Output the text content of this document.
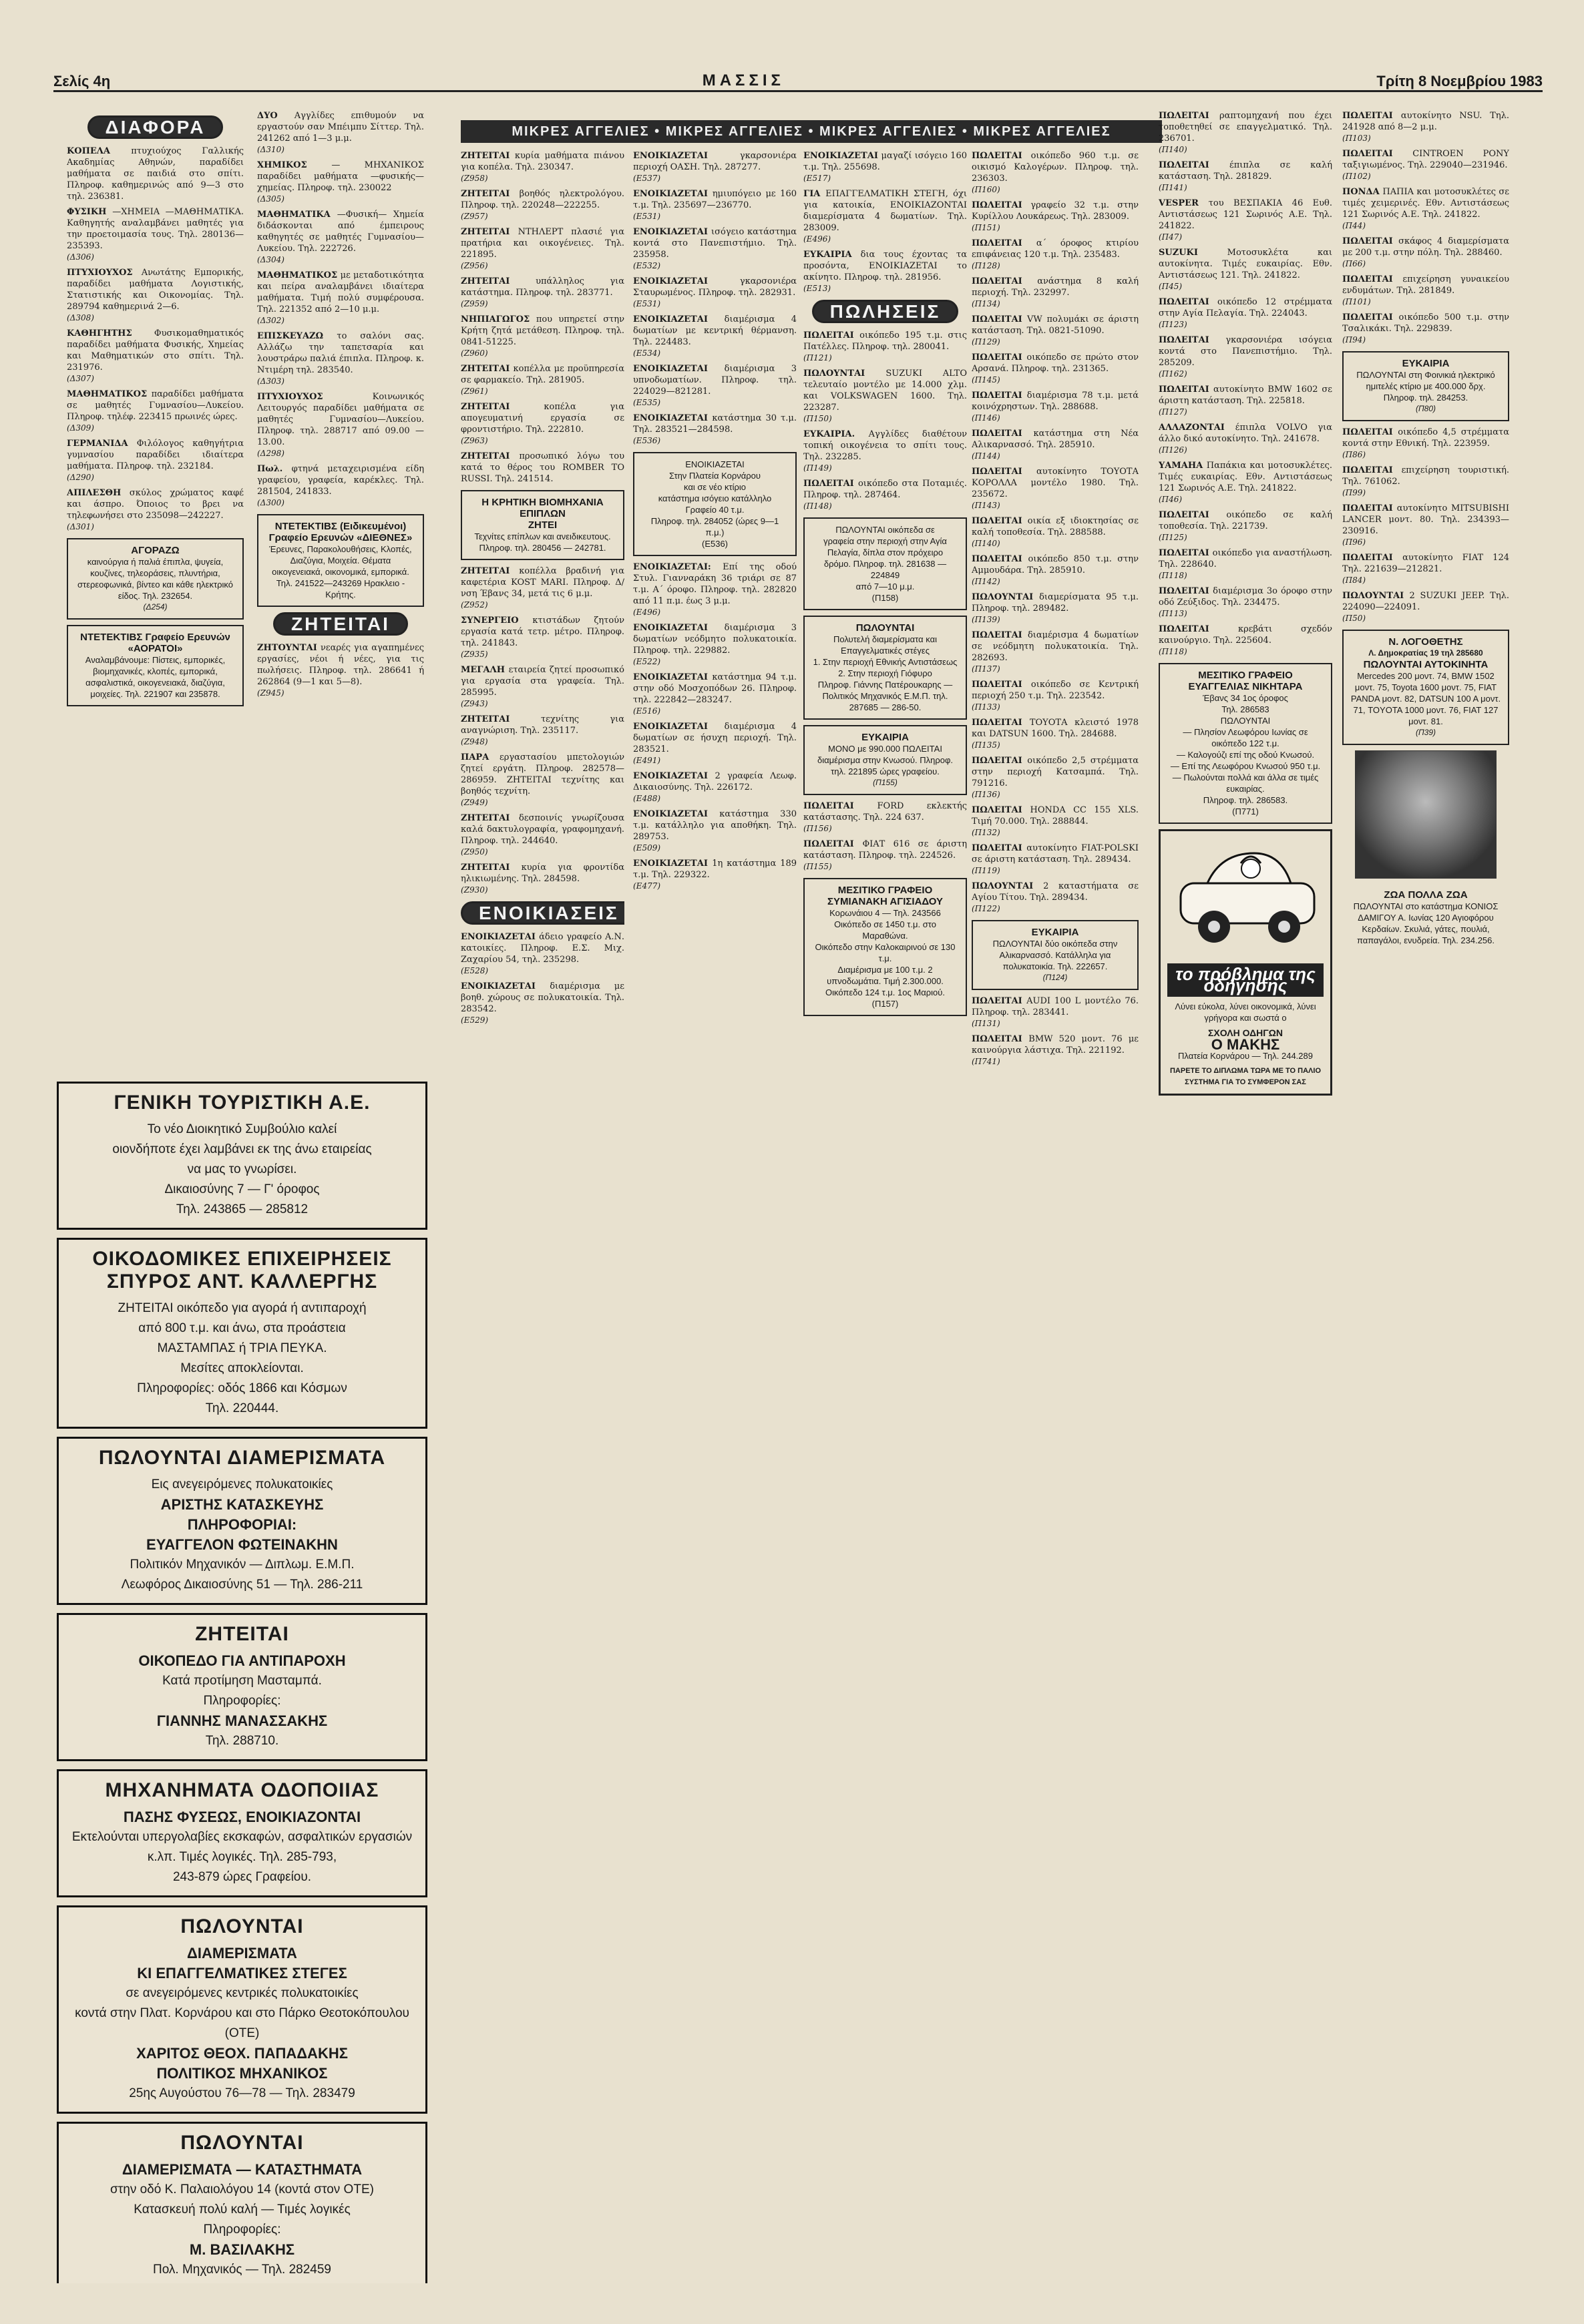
Σελίς 4η	ΜΑΣΣΙΣ	Τρίτη 8 Νοεμβρίου 1983
ΜΙΚΡΕΣ ΑΓΓΕΛΙΕΣ • ΜΙΚΡΕΣ ΑΓΓΕΛΙΕΣ • ΜΙΚΡΕΣ ΑΓΓΕΛΙΕΣ • ΜΙΚΡΕΣ ΑΓΓΕΛΙΕΣ
ΔΙΑΦΟΡΑ

ΚΟΠΕΛΑ πτυχιούχος Γαλλικής Ακαδημίας Αθηνών, παραδίδει μαθήματα σε παιδιά στο σπίτι. Πληροφ. καθημερινώς από 9—3 στο τηλ. 236381.

ΦΥΣΙΚΗ —ΧΗΜΕΙΑ —ΜΑΘΗΜΑΤΙΚΑ. Καθηγητής αναλαμβάνει μαθητές για την προετοιμασία τους. Τηλ. 280136—235393.
(Δ306)

ΠΤΥΧΙΟΥΧΟΣ Ανωτάτης Εμπορικής, παραδίδει μαθήματα Λογιστικής, Στατιστικής και Οικονομίας. Τηλ. 289794 καθημερινά 2—6.
(Δ308)

ΚΑΘΗΓΗΤΗΣ Φυσικομαθηματικός παραδίδει μαθήματα Φυσικής, Χημείας και Μαθηματικών στο σπίτι. Τηλ. 231976.
(Δ307)

ΜΑΘΗΜΑΤΙΚΟΣ παραδίδει μαθήματα σε μαθητές Γυμνασίου—Λυκείου. Πληροφ. τηλέφ. 223415 πρωινές ώρες.
(Δ309)

ΓΕΡΜΑΝΙΔΑ Φιλόλογος καθηγήτρια γυμνασίου παραδίδει ιδιαίτερα μαθήματα. Πληροφ. τηλ. 232184.
(Δ290)

ΑΠΙΛΕΣΘΗ σκύλος χρώματος καφέ και άσπρο. Όποιος το βρει να τηλεφωνήσει στο 235098—242227.
(Δ301)

ΑΓΟΡΑΖΩ
καινούργια ή παλιά έπιπλα, ψυγεία, κουζίνες, τηλεοράσεις, πλυντήρια, στερεοφωνικά, βίντεο και κάθε ηλεκτρικό είδος. Τηλ. 232654.
(Δ254)
ΝΤΕΤΕΚΤΙΒΣ Γραφείο Ερευνών «ΑΟΡΑΤΟΙ»
Αναλαμβάνουμε: Πίστεις, εμπορικές, βιομηχανικές, κλοπές, εμπορικά, ασφαλιστικά, οικογενειακά, διαζύγια, μοιχείες. Τηλ. 221907 και 235878.
ΓΕΝΙΚΗ ΤΟΥΡΙΣΤΙΚΗ Α.Ε.
Το νέο Διοικητικό Συμβούλιο καλεί
οιονδήποτε έχει λαμβάνει εκ της άνω εταιρείας
να μας το γνωρίσει.
Δικαιοσύνης 7 — Γ' όροφος
Τηλ. 243865 — 285812
ΟΙΚΟΔΟΜΙΚΕΣ ΕΠΙΧΕΙΡΗΣΕΙΣ ΣΠΥΡΟΣ ΑΝΤ. ΚΑΛΛΕΡΓΗΣ
ΖΗΤΕΙΤΑΙ οικόπεδο για αγορά ή αντιπαροχή
από 800 τ.μ. και άνω, στα προάστεια
ΜΑΣΤΑΜΠΑΣ ή ΤΡΙΑ ΠΕΥΚΑ.
Μεσίτες αποκλείονται.
Πληροφορίες: οδός 1866 και Κόσμων
Τηλ. 220444.
ΠΩΛΟΥΝΤΑΙ ΔΙΑΜΕΡΙΣΜΑΤΑ
Εις ανεγειρόμενες πολυκατοικίες
ΑΡΙΣΤΗΣ ΚΑΤΑΣΚΕΥΗΣ
ΠΛΗΡΟΦΟΡΙΑΙ:
ΕΥΑΓΓΕΛΟΝ ΦΩΤΕΙΝΑΚΗΝ
Πολιτικόν Μηχανικόν — Διπλωμ. Ε.Μ.Π.
Λεωφόρος Δικαιοσύνης 51 — Τηλ. 286-211
ΖΗΤΕΙΤΑΙ
ΟΙΚΟΠΕΔΟ ΓΙΑ ΑΝΤΙΠΑΡΟΧΗ
Κατά προτίμηση Μασταμπά.
Πληροφορίες:
ΓΙΑΝΝΗΣ ΜΑΝΑΣΣΑΚΗΣ
Τηλ. 288710.
ΜΗΧΑΝΗΜΑΤΑ ΟΔΟΠΟΙΙΑΣ
ΠΑΣΗΣ ΦΥΣΕΩΣ, ΕΝΟΙΚΙΑΖΟΝΤΑΙ
Εκτελούνται υπεργολαβίες εκσκαφών, ασφαλτικών εργασιών κ.λπ. Τιμές λογικές. Τηλ. 285-793,
243-879 ώρες Γραφείου.
ΠΩΛΟΥΝΤΑΙ
ΔΙΑΜΕΡΙΣΜΑΤΑ
ΚΙ ΕΠΑΓΓΕΛΜΑΤΙΚΕΣ ΣΤΕΓΕΣ
σε ανεγειρόμενες κεντρικές πολυκατοικίες
κοντά στην Πλατ. Κορνάρου και στο Πάρκο Θεοτοκόπουλου (ΟΤΕ)
ΧΑΡΙΤΟΣ ΘΕΟΧ. ΠΑΠΑΔΑΚΗΣ
ΠΟΛΙΤΙΚΟΣ ΜΗΧΑΝΙΚΟΣ
25ης Αυγούστου 76—78 — Τηλ. 283479
ΠΩΛΟΥΝΤΑΙ
ΔΙΑΜΕΡΙΣΜΑΤΑ — ΚΑΤΑΣΤΗΜΑΤΑ
στην οδό Κ. Παλαιολόγου 14 (κοντά στον ΟΤΕ)
Κατασκευή πολύ καλή — Τιμές λογικές
Πληροφορίες:
Μ. ΒΑΣΙΛΑΚΗΣ
Πολ. Μηχανικός — Τηλ. 282459

ΔΥΟ Αγγλίδες επιθυμούν να εργαστούν σαν Μπέιμπυ Σίττερ. Τηλ. 241262 από 1—3 μ.μ.
(Δ310)

ΧΗΜΙΚΟΣ — ΜΗΧΑΝΙΚΟΣ παραδίδει μαθήματα —φυσικής— χημείας. Πληροφ. τηλ. 230022
(Δ305)

ΜΑΘΗΜΑΤΙΚΑ —Φυσική— Χημεία διδάσκονται από έμπειρους καθηγητές σε μαθητές Γυμνασίου—Λυκείου. Τηλ. 222726.
(Δ304)

ΜΑΘΗΜΑΤΙΚΟΣ με μεταδοτικότητα και πείρα αναλαμβάνει ιδιαίτερα μαθήματα. Τιμή πολύ συμφέρουσα. Τηλ. 221352 από 2—10 μ.μ.
(Δ302)

ΕΠΙΣΚΕΥΑΖΩ το σαλόνι σας. Αλλάζω την ταπετσαρία και λουστράρω παλιά έπιπλα. Πληροφ. κ. Ντιμέρη τηλ. 283540.
(Δ303)

ΠΤΥΧΙΟΥΧΟΣ Κοινωνικός Λειτουργός παραδίδει μαθήματα σε μαθητές Γυμνασίου—Λυκείου. Πληροφ. τηλ. 288717 από 09.00 —13.00.
(Δ298)

Πωλ. φτηνά μεταχειρισμένα είδη γραφείου, γραφεία, καρέκλες. Τηλ. 281504, 241833.
(Δ300)

ΝΤΕΤΕΚΤΙΒΣ (Ειδικευμένοι) Γραφείο Ερευνών «ΔΙΕΘΝΕΣ»
Έρευνες, Παρακολουθήσεις, Κλοπές, Διαζύγια, Μοιχεία. Θέματα οικογενειακά, οικονομικά, εμπορικά. Τηλ. 241522—243269 Ηρακλειο - Κρήτης.
ΖΗΤΕΙΤΑΙ

ΖΗΤΟΥΝΤΑΙ νεαρές για αγαπημένες εργασίες, νέοι ή νέες, για τις πωλήσεις. Πληροφ. τηλ. 286641 ή 262864 (9—1 και 5—8).
(Ζ945)

ΖΗΤΕΙΤΑΙ κυρία μαθήματα πιάνου για κοπέλα. Τηλ. 230347.
(Ζ958)

ΖΗΤΕΙΤΑΙ βοηθός ηλεκτρολόγου. Πληροφ. τηλ. 220248—222255.
(Ζ957)

ΖΗΤΕΙΤΑΙ ΝΤΗΛΕΡΤ πλασιέ για πρατήρια και οικογένειες. Τηλ. 221895.
(Ζ956)

ΖΗΤΕΙΤΑΙ υπάλληλος για κατάστημα. Πληροφ. τηλ. 283771.
(Ζ959)

ΝΗΠΙΑΓΩΓΟΣ που υπηρετεί στην Κρήτη ζητά μετάθεση. Πληροφ. τηλ. 0841-51225.
(Ζ960)

ΖΗΤΕΙΤΑΙ κοπέλλα με προϋπηρεσία σε φαρμακείο. Τηλ. 281905.
(Ζ961)

ΖΗΤΕΙΤΑΙ κοπέλα για απογευματινή εργασία σε φροντιστήριο. Τηλ. 222810.
(Ζ963)

ΖΗΤΕΙΤΑΙ προσωπικό λόγω του κατά το θέρος του ROMBER TO RUSSI. Τηλ. 241514.

Η ΚΡΗΤΙΚΗ ΒΙΟΜΗΧΑΝΙΑ ΕΠΙΠΛΩΝ
ΖΗΤΕΙ
Τεχνίτες επίπλων και ανειδικευτους. Πληροφ. τηλ. 280456 — 242781.

ΖΗΤΕΙΤΑΙ κοπέλλα βραδινή για καφετέρια KOST MARI. Πληροφ. Δ/νση Έβανς 34, μετά τις 6 μ.μ.
(Ζ952)

ΣΥΝΕΡΓΕΙΟ κτιστάδων ζητούν εργασία κατά τετρ. μέτρο. Πληροφ. τηλ. 241843.
(Ζ935)

ΜΕΓΑΛΗ εταιρεία ζητεί προσωπικό για εργασία στα γραφεία. Τηλ. 285995.
(Ζ943)

ΖΗΤΕΙΤΑΙ τεχνίτης για αναγνώριση. Τηλ. 235117.
(Ζ948)

ΠΑΡΑ εργαστασίου μπετολογιών ζητεί εργάτη. Πληροφ. 282578—286959. ΖΗΤΕΙΤΑΙ τεχνίτης και βοηθός τεχνίτη.
(Ζ949)

ΖΗΤΕΙΤΑΙ δεσποινίς γνωρίζουσα καλά δακτυλογραφία, γραφομηχανή. Πληροφ. τηλ. 244640.
(Ζ950)

ΖΗΤΕΙΤΑΙ κυρία για φροντίδα ηλικιωμένης. Τηλ. 284598.
(Ζ930)

ΕΝΟΙΚΙΑΣΕΙΣ

ΕΝΟΙΚΙΑΖΕΤΑΙ άδειο γραφείο Α.Ν. κατοικίες. Πληροφ. Ε.Σ. Μιχ. Ζαχαρίου 54, τηλ. 235298.
(Ε528)

ΕΝΟΙΚΙΑΖΕΤΑΙ διαμέρισμα με βοηθ. χώρους σε πολυκατοικία. Τηλ. 283542.
(Ε529)

ΕΝΟΙΚΙΑΖΕΤΑΙ γκαρσονιέρα περιοχή ΟΑΣΗ. Τηλ. 287277.
(Ε537)

ΕΝΟΙΚΙΑΖΕΤΑΙ ημιυπόγειο με 160 τ.μ. Τηλ. 235697—236770.
(Ε531)

ΕΝΟΙΚΙΑΖΕΤΑΙ ισόγειο κατάστημα κοντά στο Πανεπιστήμιο. Τηλ. 235958.
(Ε532)

ΕΝΟΙΚΙΑΖΕΤΑΙ γκαρσονιέρα Σταυρωμένος. Πληροφ. τηλ. 282931.
(Ε531)

ΕΝΟΙΚΙΑΖΕΤΑΙ διαμέρισμα 4 δωματίων με κεντρική θέρμανση. Τηλ. 224483.
(Ε534)

ΕΝΟΙΚΙΑΖΕΤΑΙ διαμέρισμα 3 υπνοδωματίων. Πληροφ. τηλ. 224029—821281.
(Ε535)

ΕΝΟΙΚΙΑΖΕΤΑΙ κατάστημα 30 τ.μ. Τηλ. 283521—284598.
(Ε536)

ΕΝΟΙΚΙΑΖΕΤΑΙ
Στην Πλατεία Κορνάρου
και σε νέο κτίριο
κατάστημα ισόγειο κατάλληλο
Γραφείο 40 τ.μ.
Πληροφ. τηλ. 284052 (ώρες 9—1 π.μ.)
(Ε536)

ΕΝΟΙΚΙΑΖΕΤΑΙ: Επί της οδού Στυλ. Γιανναράκη 36 τριάρι σε 87 τ.μ. Α΄ όροφο. Πληροφ. τηλ. 282820 από 11 π.μ. έως 3 μ.μ.
(Ε496)

ΕΝΟΙΚΙΑΖΕΤΑΙ διαμέρισμα 3 δωματίων νεόδμητο πολυκατοικία. Πληροφ. τηλ. 229882.
(Ε522)

ΕΝΟΙΚΙΑΖΕΤΑΙ κατάστημα 94 τ.μ. στην οδό Μοσχοπόδων 26. Πληροφ. τηλ. 222842—283247.
(Ε516)

ΕΝΟΙΚΙΑΖΕΤΑΙ διαμέρισμα 4 δωματίων σε ήσυχη περιοχή. Τηλ. 283521.
(Ε491)

ΕΝΟΙΚΙΑΖΕΤΑΙ 2 γραφεία Λεωφ. Δικαιοσύνης. Τηλ. 226172.
(Ε488)

ΕΝΟΙΚΙΑΖΕΤΑΙ κατάστημα 330 τ.μ. κατάλληλο για αποθήκη. Τηλ. 289753.
(Ε509)

ΕΝΟΙΚΙΑΖΕΤΑΙ 1η κατάστημα 189 τ.μ. Τηλ. 229322.
(Ε477)

ΕΝΟΙΚΙΑΖΕΤΑΙ μαγαζί ισόγειο 160 τ.μ. Τηλ. 255698.
(Ε517)

ΓΙΑ ΕΠΑΓΓΕΛΜΑΤΙΚΗ ΣΤΕΓΗ, όχι για κατοικία, ΕΝΟΙΚΙΑΖΟΝΤΑΙ διαμερίσματα 4 δωματίων. Τηλ. 283009.
(Ε496)

ΕΥΚΑΙΡΙΑ δια τους έχοντας τα προσόντα, ΕΝΟΙΚΙΑΖΕΤΑΙ το ακίνητο. Πληροφ. τηλ. 281956.
(Ε513)

ΠΩΛΗΣΕΙΣ

ΠΩΛΕΙΤΑΙ οικόπεδο 195 τ.μ. στις Πατέλλες. Πληροφ. τηλ. 280041.
(Π121)

ΠΩΛΟΥΝΤΑΙ SUZUKI ALTO τελευταίο μοντέλο με 14.000 χλμ. και VOLKSWAGEN 1600. Τηλ. 223287.
(Π150)

ΕΥΚΑΙΡΙΑ. Αγγλίδες διαθέτουν τοπική οικογένεια το σπίτι τους. Τηλ. 232285.
(Π149)

ΠΩΛΕΙΤΑΙ οικόπεδο στα Ποταμιές. Πληροφ. τηλ. 287464.
(Π148)

ΠΩΛΟΥΝΤΑΙ οικόπεδα σε
γραφεία στην περιοχή στην Αγία
Πελαγία, δίπλα στον πρόχειρο
δρόμο. Πληροφ. τηλ. 281638 — 224849
από 7—10 μ.μ.
(Π158)
ΠΩΛΟΥΝΤΑΙ
Πολυτελή διαμερίσματα και Επαγγελματικές στέγες
1. Στην περιοχή Εθνικής Αντιστάσεως
2. Στην περιοχή Γιόφυρο
Πληροφ. Γιάννης Πατέρουκαρης — Πολιτικός Μηχανικός Ε.Μ.Π. τηλ. 287685 — 286-50.
ΕΥΚΑΙΡΙΑ
ΜΟΝΟ με 990.000 ΠΩΛΕΙΤΑΙ διαμέρισμα στην Κνωσού. Πληροφ. τηλ. 221895 ώρες γραφείου.
(Π155)

ΠΩΛΕΙΤΑΙ FORD εκλεκτής κατάστασης. Τηλ. 224 637.
(Π156)

ΠΩΛΕΙΤΑΙ ΦΙΑΤ 616 σε άριστη κατάσταση. Πληροφ. τηλ. 224526.
(Π155)

ΜΕΣΙΤΙΚΟ ΓΡΑΦΕΙΟ ΣΥΜΙΑΝΑΚΗ ΑΓΙΣΙΑΔΟΥ
Κορωνάιου 4 — Τηλ. 243566
Οικόπεδο σε 1450 τ.μ. στο Μαραθώνα.
Οικόπεδο στην Καλοκαιρινού σε 130 τ.μ.
Διαμέρισμα με 100 τ.μ. 2 υπνοδωμάτια. Τιμή 2.300.000.
Οικόπεδο 124 τ.μ. 1ος Μαριού.
(Π157)

ΠΩΛΕΙΤΑΙ οικόπεδο 960 τ.μ. σε οικισμό Καλογέρων. Πληροφ. τηλ. 236303.
(Π160)

ΠΩΛΕΙΤΑΙ γραφείο 32 τ.μ. στην Κυρίλλου Λουκάρεως. Τηλ. 283009.
(Π151)

ΠΩΛΕΙΤΑΙ α΄ όροφος κτιρίου επιφάνειας 120 τ.μ. Τηλ. 235483.
(Π128)

ΠΩΛΕΙΤΑΙ ανάστημα 8 καλή περιοχή. Τηλ. 232997.
(Π134)

ΠΩΛΕΙΤΑΙ VW πολυμάκι σε άριστη κατάσταση. Τηλ. 0821-51090.
(Π129)

ΠΩΛΕΙΤΑΙ οικόπεδο σε πρώτο στον Αρσανά. Πληροφ. τηλ. 231365.
(Π145)

ΠΩΛΕΙΤΑΙ διαμέρισμα 78 τ.μ. μετά κοινόχρηστων. Τηλ. 288688.
(Π146)

ΠΩΛΕΙΤΑΙ κατάστημα στη Νέα Αλικαρνασσό. Τηλ. 285910.
(Π144)

ΠΩΛΕΙΤΑΙ αυτοκίνητο ΤΟΥΟΤΑ ΚΟΡΟΛΛΑ μοντέλο 1980. Τηλ. 235672.
(Π143)

ΠΩΛΕΙΤΑΙ οικία εξ ιδιοκτησίας σε καλή τοποθεσία. Τηλ. 288588.
(Π140)

ΠΩΛΕΙΤΑΙ οικόπεδο 850 τ.μ. στην Αμμουδάρα. Τηλ. 285910.
(Π142)

ΠΩΛΟΥΝΤΑΙ διαμερίσματα 95 τ.μ. Πληροφ. τηλ. 289482.
(Π139)

ΠΩΛΕΙΤΑΙ διαμέρισμα 4 δωματίων σε νεόδμητη πολυκατοικία. Τηλ. 282693.
(Π137)

ΠΩΛΕΙΤΑΙ οικόπεδο σε Κεντρική περιοχή 250 τ.μ. Τηλ. 223542.
(Π133)

ΠΩΛΕΙΤΑΙ ΤΟΥΟΤΑ κλειστό 1978 και DATSUN 1600. Τηλ. 284688.
(Π135)

ΠΩΛΕΙΤΑΙ οικόπεδο 2,5 στρέμματα στην περιοχή Κατσαμπά. Τηλ. 791216.
(Π136)

ΠΩΛΕΙΤΑΙ HONDA CC 155 XLS. Τιμή 70.000. Τηλ. 288844.
(Π132)

ΠΩΛΕΙΤΑΙ αυτοκίνητο FIAT-POLSKI σε άριστη κατάσταση. Τηλ. 289434.
(Π119)

ΠΩΛΟΥΝΤΑΙ 2 καταστήματα σε Αγίου Τίτου. Τηλ. 289434.
(Π122)

ΕΥΚΑΙΡΙΑ
ΠΩΛΟΥΝΤΑΙ δύο οικόπεδα στην Αλικαρνασσό. Κατάλληλα για πολυκατοικία. Τηλ. 222657.
(Π124)

ΠΩΛΕΙΤΑΙ AUDI 100 L μοντέλο 76. Πληροφ. τηλ. 283441.
(Π131)

ΠΩΛΕΙΤΑΙ BMW 520 μοντ. 76 με καινούργια λάστιχα. Τηλ. 221192.
(Π741)

ΠΩΛΕΙΤΑΙ ραπτομηχανή που έχει τοποθετηθεί σε επαγγελματικό. Τηλ. 236701.
(Π140)

ΠΩΛΕΙΤΑΙ έπιπλα σε καλή κατάσταση. Τηλ. 281829.
(Π141)

VESPER του ΒΕΣΠΑΚΙΑ 46 Ευθ. Αντιστάσεως 121 Σωρινός Α.Ε. Τηλ. 241822.
(Π47)

SUZUKI Μοτοσυκλέτα και αυτοκίνητα. Τιμές ευκαιρίας. Εθν. Αντιστάσεως 121. Τηλ. 241822.
(Π45)

ΠΩΛΕΙΤΑΙ οικόπεδο 12 στρέμματα στην Αγία Πελαγία. Τηλ. 224043.
(Π123)

ΠΩΛΕΙΤΑΙ γκαρσονιέρα ισόγεια κοντά στο Πανεπιστήμιο. Τηλ. 285209.
(Π162)

ΠΩΛΕΙΤΑΙ αυτοκίνητο BMW 1602 σε άριστη κατάσταση. Τηλ. 225818.
(Π127)

ΑΛΛΑΖΟΝΤΑΙ έπιπλα VOLVO για άλλο δικό αυτοκίνητο. Τηλ. 241678.
(Π126)

ΥΑΜΑΗΑ Παπάκια και μοτοσυκλέτες. Τιμές ευκαιρίας. Εθν. Αντιστάσεως 121 Σωρινός Α.Ε. Τηλ. 241822.
(Π46)

ΠΩΛΕΙΤΑΙ οικόπεδο σε καλή τοποθεσία. Τηλ. 221739.
(Π125)

ΠΩΛΕΙΤΑΙ οικόπεδο για αναστήλωση. Τηλ. 228640.
(Π118)

ΠΩΛΕΙΤΑΙ διαμέρισμα 3ο όροφο στην οδό Ζεύξιδος. Τηλ. 234475.
(Π113)

ΠΩΛΕΙΤΑΙ κρεβάτι σχεδόν καινούργιο. Τηλ. 225604.
(Π118)

ΜΕΣΙΤΙΚΟ ΓΡΑΦΕΙΟ ΕΥΑΓΓΕΛΙΑΣ ΝΙΚΗΤΑΡΑ
Έβανς 34 1ος όροφος
Τηλ. 286583
ΠΩΛΟΥΝΤΑΙ
— Πλησίον Λεωφόρου Ιωνίας σε οικόπεδο 122 τ.μ.
— Καλογούζι επί της οδού Κνωσού.
— Επί της Λεωφόρου Κνωσού 950 τ.μ.
— Πωλούνται πολλά και άλλα σε τιμές ευκαιρίας.
Πληροφ. τηλ. 286583.
(Π771)
το πρόβλημα της οδήγησης
Λύνει εύκολα, λύνει οικονομικά, λύνει γρήγορα και σωστά ο
ΣΧΟΛΗ ΟΔΗΓΩΝ
Ο ΜΑΚΗΣ
Πλατεία Κορνάρου — Τηλ. 244.289
ΠΑΡΕΤΕ ΤΟ ΔΙΠΛΩΜΑ ΤΩΡΑ ΜΕ ΤΟ ΠΑΛΙΟ ΣΥΣΤΗΜΑ ΓΙΑ ΤΟ ΣΥΜΦΕΡΟΝ ΣΑΣ

ΠΩΛΕΙΤΑΙ αυτοκίνητο NSU. Τηλ. 241928 από 8—2 μ.μ.
(Π103)

ΠΩΛΕΙΤΑΙ CINTROEN PONY ταξιγιωμένος. Τηλ. 229040—231946.
(Π102)

ΠΟΝΔΑ ΠΑΠΙΑ και μοτοσυκλέτες σε τιμές χειμερινές. Εθν. Αντιστάσεως 121 Σωρινός Α.Ε. Τηλ. 241822.
(Π44)

ΠΩΛΕΙΤΑΙ σκάφος 4 διαμερίσματα με 200 τ.μ. στην πόλη. Τηλ. 288460.
(Π66)

ΠΩΛΕΙΤΑΙ επιχείρηση γυναικείου ενδυμάτων. Τηλ. 281849.
(Π101)

ΠΩΛΕΙΤΑΙ οικόπεδο 500 τ.μ. στην Τσαλικάκι. Τηλ. 229839.
(Π94)

ΕΥΚΑΙΡΙΑ
ΠΩΛΟΥΝΤΑΙ στη Φοινικιά ηλεκτρικό ημιτελές κτίριο με 400.000 δρχ. Πληροφ. τηλ. 284253.
(Π80)

ΠΩΛΕΙΤΑΙ οικόπεδο 4,5 στρέμματα κοντά στην Εθνική. Τηλ. 223959.
(Π86)

ΠΩΛΕΙΤΑΙ επιχείρηση τουριστική. Τηλ. 761062.
(Π99)

ΠΩΛΕΙΤΑΙ αυτοκίνητο MITSUBISHI LANCER μοντ. 80. Τηλ. 234393—230916.
(Π96)

ΠΩΛΕΙΤΑΙ αυτοκίνητο FIAT 124 Τηλ. 221639—212821.
(Π84)

ΠΩΛΟΥΝΤΑΙ 2 SUZUKI JEEP. Τηλ. 224090—224091.
(Π50)

Ν. ΛΟΓΟΘΕΤΗΣ
Λ. Δημοκρατίας 19 τηλ 285680
ΠΩΛΟΥΝΤΑΙ ΑΥΤΟΚΙΝΗΤΑ
Mercedes 200 μοντ. 74, BMW 1502 μοντ. 75, Toyota 1600 μοντ. 75, FIAT PANDA μοντ. 82, DATSUN 100 A μοντ. 71, TOYOTA 1000 μοντ. 76, FIAT 127 μοντ. 81.
(Π39)
ΖΩΑ ΠΟΛΛΑ ΖΩΑ
ΠΩΛΟΥΝΤΑΙ στο κατάστημα ΚΟΝΙΟΣ ΔΑΜΙΓΟΥ Α. Ιωνίας 120 Αγιοφόρου Κερδαίων. Σκυλιά, γάτες, πουλιά, παπαγάλοι, ενυδρεία. Τηλ. 234.256.
